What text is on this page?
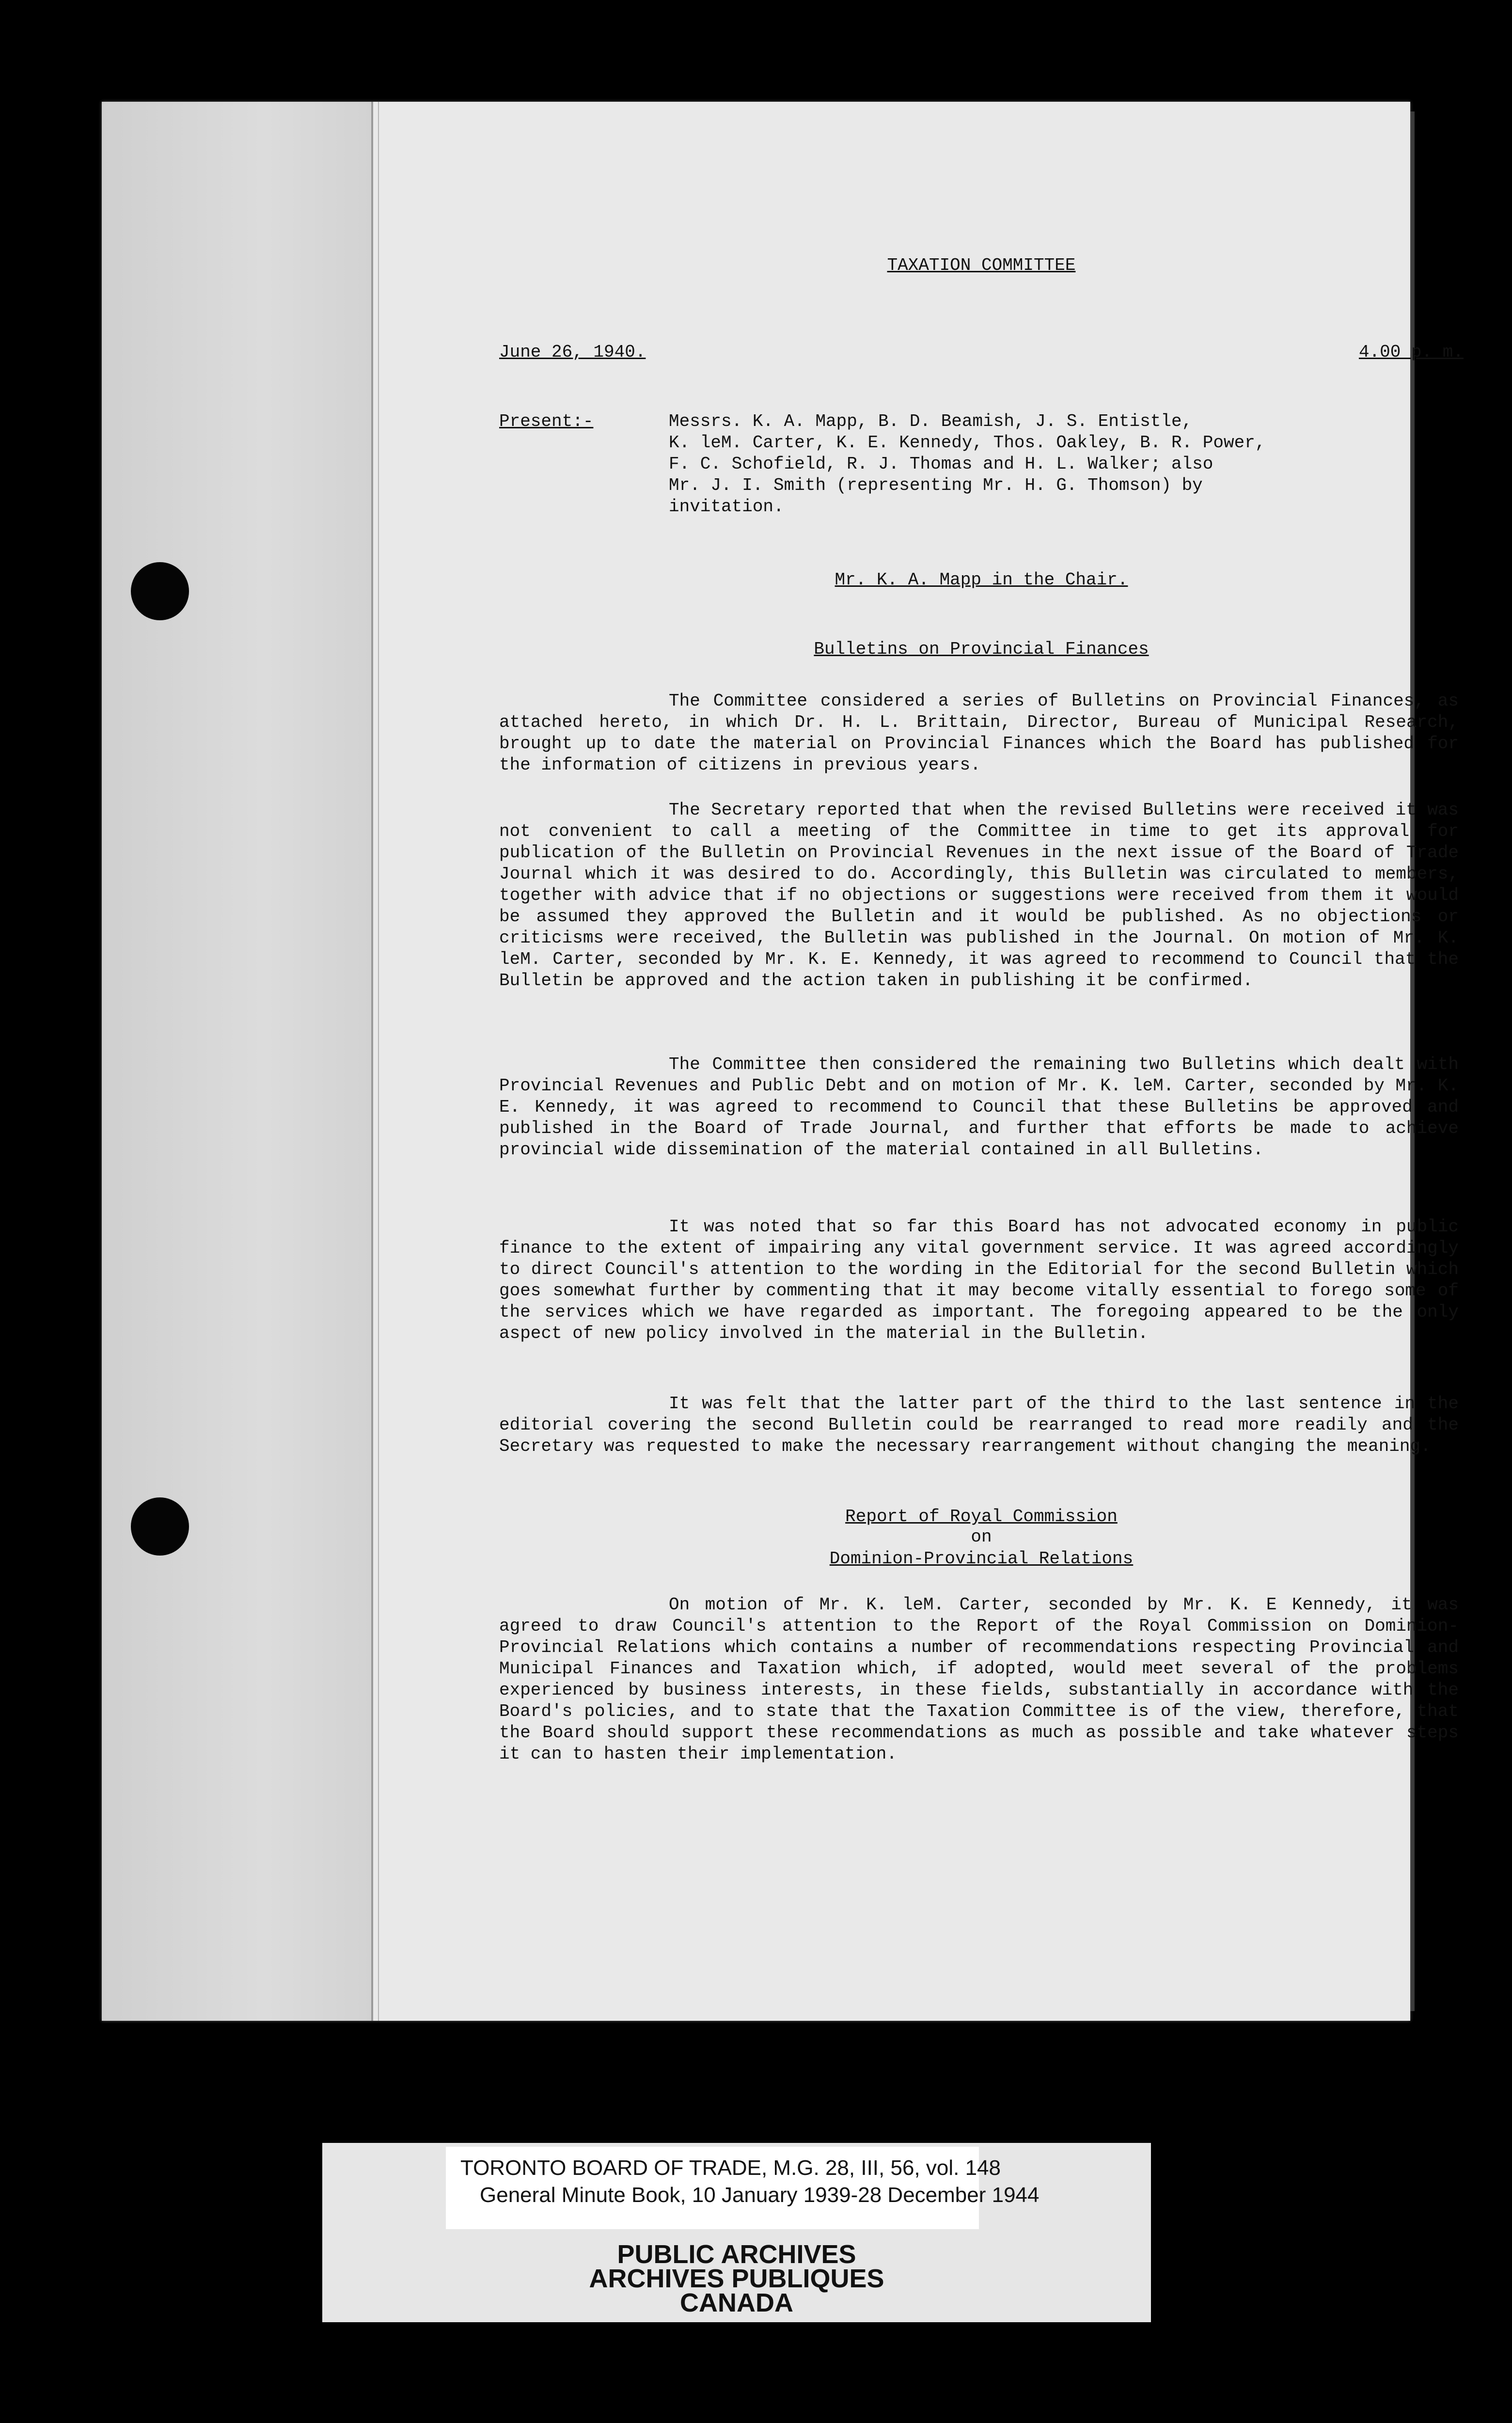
TAXATION COMMITTEE
June 26, 1940.	4.00 p. m.
Present:-	Messrs. K. A. Mapp, B. D. Beamish, J. S. Entistle,
K. leM. Carter, K. E. Kennedy, Thos. Oakley, B. R. Power,
F. C. Schofield, R. J. Thomas and H. L. Walker; also
Mr. J. I. Smith (representing Mr. H. G. Thomson) by
invitation.
Mr. K. A. Mapp in the Chair.
Bulletins on Provincial Finances
The Committee considered a series of Bulletins on Provincial Finances, as attached hereto, in which Dr. H. L. Brittain, Director, Bureau of Municipal Research, brought up to date the material on Provincial Finances which the Board has published for the information of citizens in previous years.
The Secretary reported that when the revised Bulletins were received it was not convenient to call a meeting of the Committee in time to get its approval for publication of the Bulletin on Provincial Revenues in the next issue of the Board of Trade Journal which it was desired to do. Accordingly, this Bulletin was circulated to members, together with advice that if no objections or suggestions were received from them it would be assumed they approved the Bulletin and it would be published. As no objections or criticisms were received, the Bulletin was published in the Journal. On motion of Mr. K. leM. Carter, seconded by Mr. K. E. Kennedy, it was agreed to recommend to Council that the Bulletin be approved and the action taken in publishing it be confirmed.
The Committee then considered the remaining two Bulletins which dealt with Provincial Revenues and Public Debt and on motion of Mr. K. leM. Carter, seconded by Mr. K. E. Kennedy, it was agreed to recommend to Council that these Bulletins be approved and published in the Board of Trade Journal, and further that efforts be made to achieve provincial wide dissemination of the material contained in all Bulletins.
It was noted that so far this Board has not advocated economy in public finance to the extent of impairing any vital government service. It was agreed accordingly to direct Council's attention to the wording in the Editorial for the second Bulletin which goes somewhat further by commenting that it may become vitally essential to forego some of the services which we have regarded as important. The foregoing appeared to be the only aspect of new policy involved in the material in the Bulletin.
It was felt that the latter part of the third to the last sentence in the editorial covering the second Bulletin could be rearranged to read more readily and the Secretary was requested to make the necessary rearrangement without changing the meaning.
Report of Royal Commission
on
Dominion-Provincial Relations
On motion of Mr. K. leM. Carter, seconded by Mr. K. E Kennedy, it was agreed to draw Council's attention to the Report of the Royal Commission on Dominion-Provincial Relations which contains a number of recommendations respecting Provincial and Municipal Finances and Taxation which, if adopted, would meet several of the problems experienced by business interests, in these fields, substantially in accordance with the Board's policies, and to state that the Taxation Committee is of the view, therefore, that the Board should support these recommendations as much as possible and take whatever steps it can to hasten their implementation.
TORONTO BOARD OF TRADE, M.G. 28, III, 56, vol. 148
General Minute Book, 10 January 1939-28 December 1944
PUBLIC ARCHIVES
ARCHIVES PUBLIQUES
CANADA
